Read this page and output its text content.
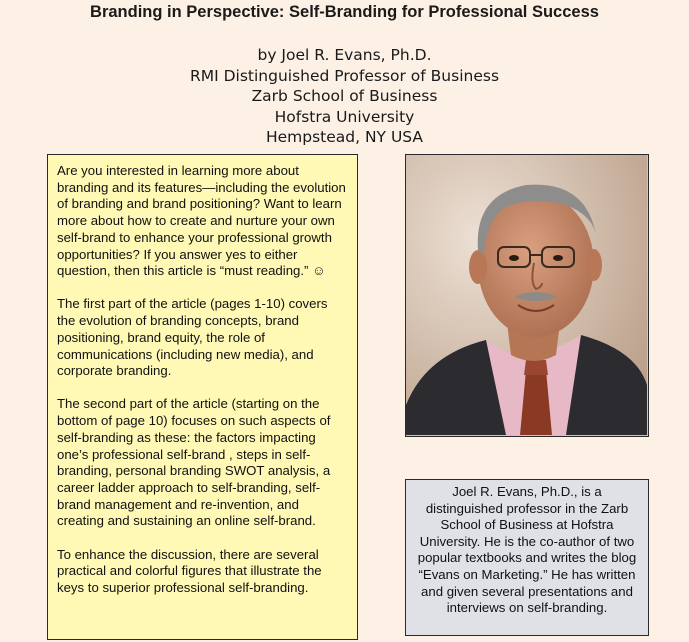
Branding in Perspective: Self-Branding for Professional Success
by Joel R. Evans, Ph.D.
RMI Distinguished Professor of Business
Zarb School of Business
Hofstra University
Hempstead, NY USA

Are you interested in learning more about branding and its features—including the evolution of branding and brand positioning? Want to learn more about how to create and nurture your own self-brand to enhance your professional growth opportunities? If you answer yes to either question, then this article is “must reading.” ☺

The first part of the article (pages 1-10) covers the evolution of branding concepts, brand positioning, brand equity, the role of communications (including new media), and corporate branding.

The second part of the article (starting on the bottom of page 10) focuses on such aspects of self-branding as these: the factors impacting one’s professional self-brand , steps in self-branding, personal branding SWOT analysis, a career ladder approach to self-branding, self-brand management and re-invention, and creating and sustaining an online self-brand.

To enhance the discussion, there are several practical and colorful figures that illustrate the keys to superior professional self-branding.

Joel R. Evans, Ph.D., is a distinguished professor in the Zarb School of Business at Hofstra University. He is the co-author of two popular textbooks and writes the blog “Evans on Marketing.” He has written and given several presentations and interviews on self-branding.
